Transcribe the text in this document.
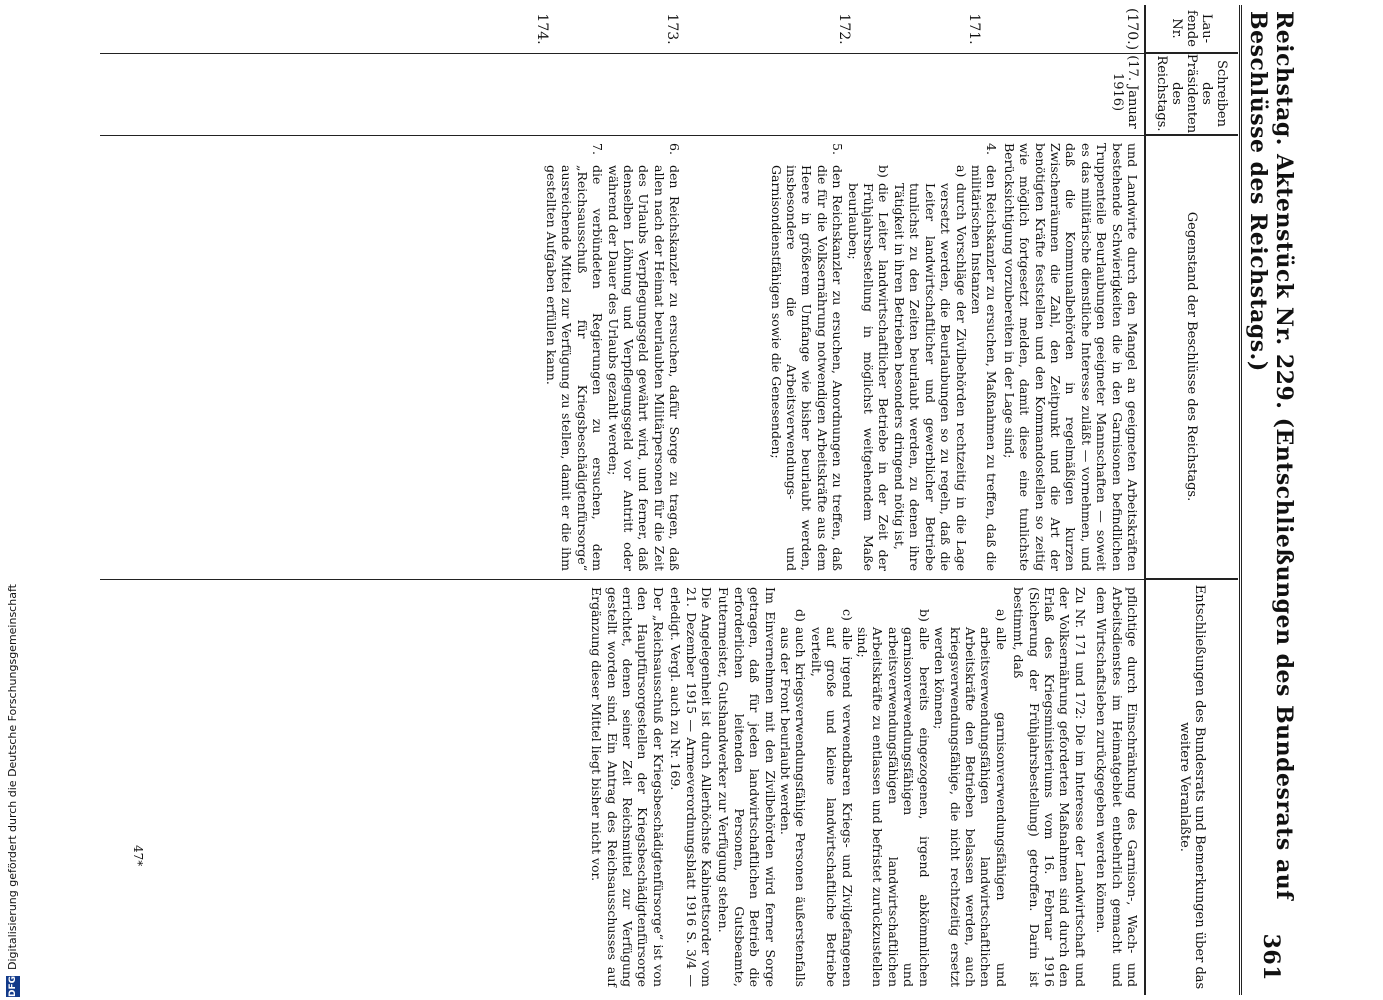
Reichstag. Aktenstück Nr. 229. (Entschließungen des Bundesrats auf Beschlüsse des Reichstags.)
361
Lau-fende Nr.
Schreiben des Präsidenten des Reichstags.
Gegenstand der Beschlüsse des Reichstags.
Entschließungen des Bundesrats und Bemerkungen über das weitere Veranlaßte.
(170.)
(17. Januar 1916)
171.
172.
173.
174.

und Landwirte durch den Mangel an geeigneten Arbeitskräften bestehende Schwierigkeiten die in den Garnisonen befindlichen Truppenteile Beurlaubungen geeigneter Mannschaften — soweit es das militärische dienstliche Interesse zuläßt — vornehmen, und daß die Kommunalbehörden in regelmäßigen kurzen Zwischenräumen die Zahl, den Zeitpunkt und die Art der benötigten Kräfte feststellen und den Kommandostellen so zeitig wie möglich fortgesetzt melden, damit diese eine tunlichste Berücksichtigung vorzubereiten in der Lage sind;

4.
den Reichskanzler zu ersuchen, Maßnahmen zu treffen, daß die militärischen Instanzen
a)
durch Vorschläge der Zivilbehörden rechtzeitig in die Lage versetzt werden, die Beurlaubungen so zu regeln, daß die Leiter landwirtschaftlicher und gewerblicher Betriebe tunlichst zu den Zeiten beurlaubt werden, zu denen ihre Tätigkeit in ihren Betrieben besonders dringend nötig ist,
b)
die Leiter landwirtschaftlicher Betriebe in der Zeit der Frühjahrsbestellung in möglichst weitgehendem Maße beurlauben;
5.
den Reichskanzler zu ersuchen, Anordnungen zu treffen, daß die für die Volksernährung notwendigen Arbeitskräfte aus dem Heere in größerem Umfange wie bisher beurlaubt werden, insbesondere die Arbeitsverwendungs- und Garnisondienstfähigen sowie die Genesenden;
6.
den Reichskanzler zu ersuchen, dafür Sorge zu tragen, daß allen nach der Heimat beurlaubten Militärpersonen für die Zeit des Urlaubs Verpflegungsgeld gewährt wird, und ferner, daß denselben Löhnung und Verpflegungsgeld vor Antritt oder während der Dauer des Urlaubs gezahlt werden;
7.
die verbündeten Regierungen zu ersuchen, dem „Reichsausschuß für Kriegsbeschädigtenfürsorge“ ausreichende Mittel zur Verfügung zu stellen, damit er die ihm gestellten Aufgaben erfüllen kann.

pflichtige durch Einschränkung des Garnison-, Wach- und Arbeitsdienstes im Heimatgebiet entbehrlich gemacht und dem Wirtschaftsleben zurückgegeben werden können.

Zu Nr. 171 und 172: Die im Interesse der Landwirtschaft und der Volksernährung geforderten Maßnahmen sind durch den Erlaß des Kriegsministeriums vom 16. Februar 1916 (Sicherung der Frühjahrsbestellung) getroffen. Darin ist bestimmt, daß

a)
alle garnisonverwendungsfähigen und arbeitsverwendungsfähigen landwirtschaftlichen Arbeitskräfte den Betrieben belassen werden, auch kriegsverwendungsfähige, die nicht rechtzeitig ersetzt werden können;
b)
alle bereits eingezogenen, irgend abkömmlichen garnisonverwendungsfähigen und arbeitsverwendungsfähigen landwirtschaftlichen Arbeitskräfte zu entlassen und befristet zurückzustellen sind;
c)
alle irgend verwendbaren Kriegs- und Zivilgefangenen auf große und kleine landwirtschaftliche Betriebe verteilt,
d)
auch kriegsverwendungsfähige Personen äußerstenfalls aus der Front beurlaubt werden.

Im Einvernehmen mit den Zivilbehörden wird ferner Sorge getragen, daß für jeden landwirtschaftlichen Betrieb die erforderlichen leitenden Personen, Gutsbeamte, Futtermeister, Gutshandwerker zur Verfügung stehen.

Die Angelegenheit ist durch Allerhöchste Kabinettsorder vom 21. Dezember 1915 — Armeeverordnungsblatt 1916 S. 3/4 — erledigt. Vergl. auch zu Nr. 169.

Der „Reichsausschuß der Kriegsbeschädigtenfürsorge“ ist von den Hauptfürsorgestellen der Kriegsbeschädigtenfürsorge errichtet, denen seiner Zeit Reichsmittel zur Verfügung gestellt worden sind. Ein Antrag des Reichsausschusses auf Ergänzung dieser Mittel liegt bisher nicht vor.

47*
DFG
Digitalisierung gefördert durch die Deutsche Forschungsgemeinschaft
